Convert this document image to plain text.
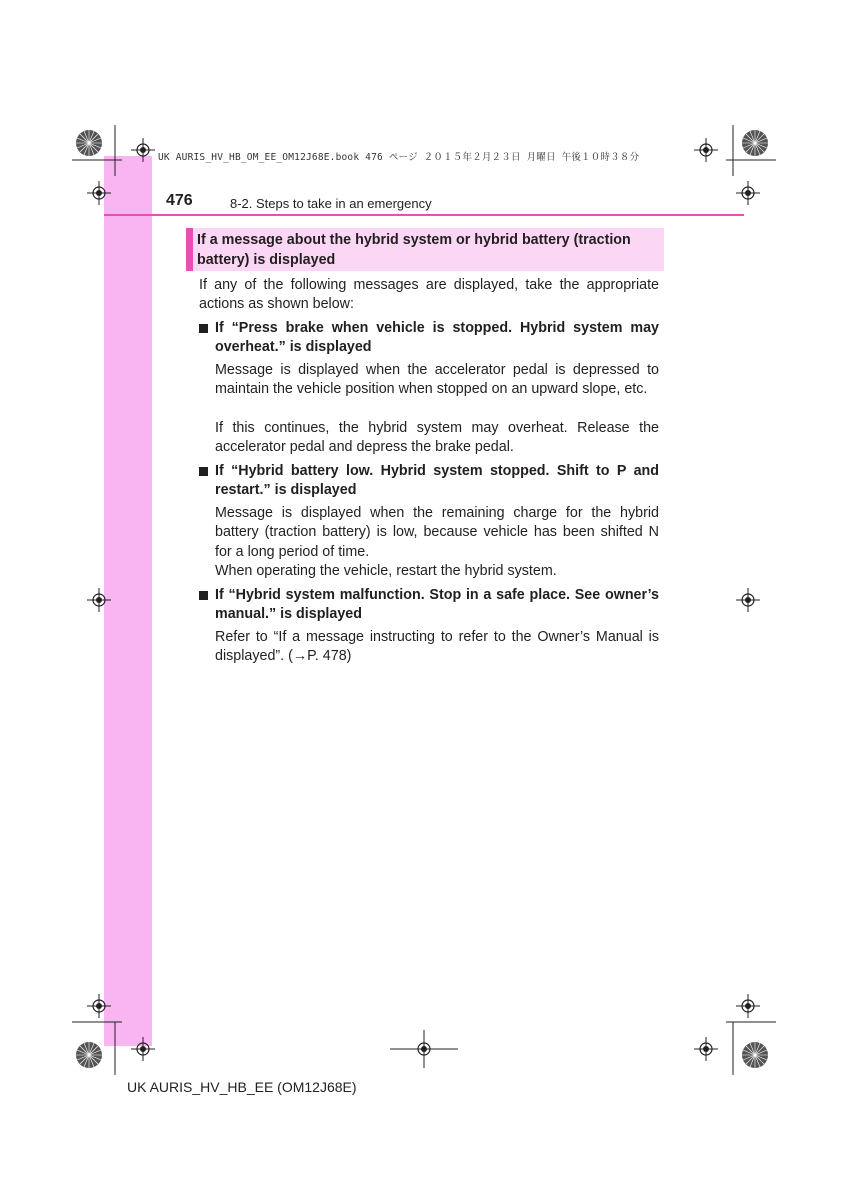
UK AURIS_HV_HB_OM_EE_OM12J68E.book 476 ページ ２０１５年２月２３日 月曜日 午後１０時３８分
476	8-2. Steps to take in an emergency
If a message about the hybrid system or hybrid battery (traction battery) is displayed
If any of the following messages are displayed, take the appropriate actions as shown below:
If “Press brake when vehicle is stopped. Hybrid system may overheat.” is displayed
Message is displayed when the accelerator pedal is depressed to maintain the vehicle position when stopped on an upward slope, etc.
If this continues, the hybrid system may overheat. Release the accelerator pedal and depress the brake pedal.
If “Hybrid battery low. Hybrid system stopped. Shift to P and restart.” is displayed
Message is displayed when the remaining charge for the hybrid battery (traction battery) is low, because vehicle has been shifted N for a long period of time.
When operating the vehicle, restart the hybrid system.
If “Hybrid system malfunction. Stop in a safe place. See owner’s manual.” is displayed
Refer to “If a message instructing to refer to the Owner’s Manual is displayed”. (→P. 478)
UK AURIS_HV_HB_EE (OM12J68E)
